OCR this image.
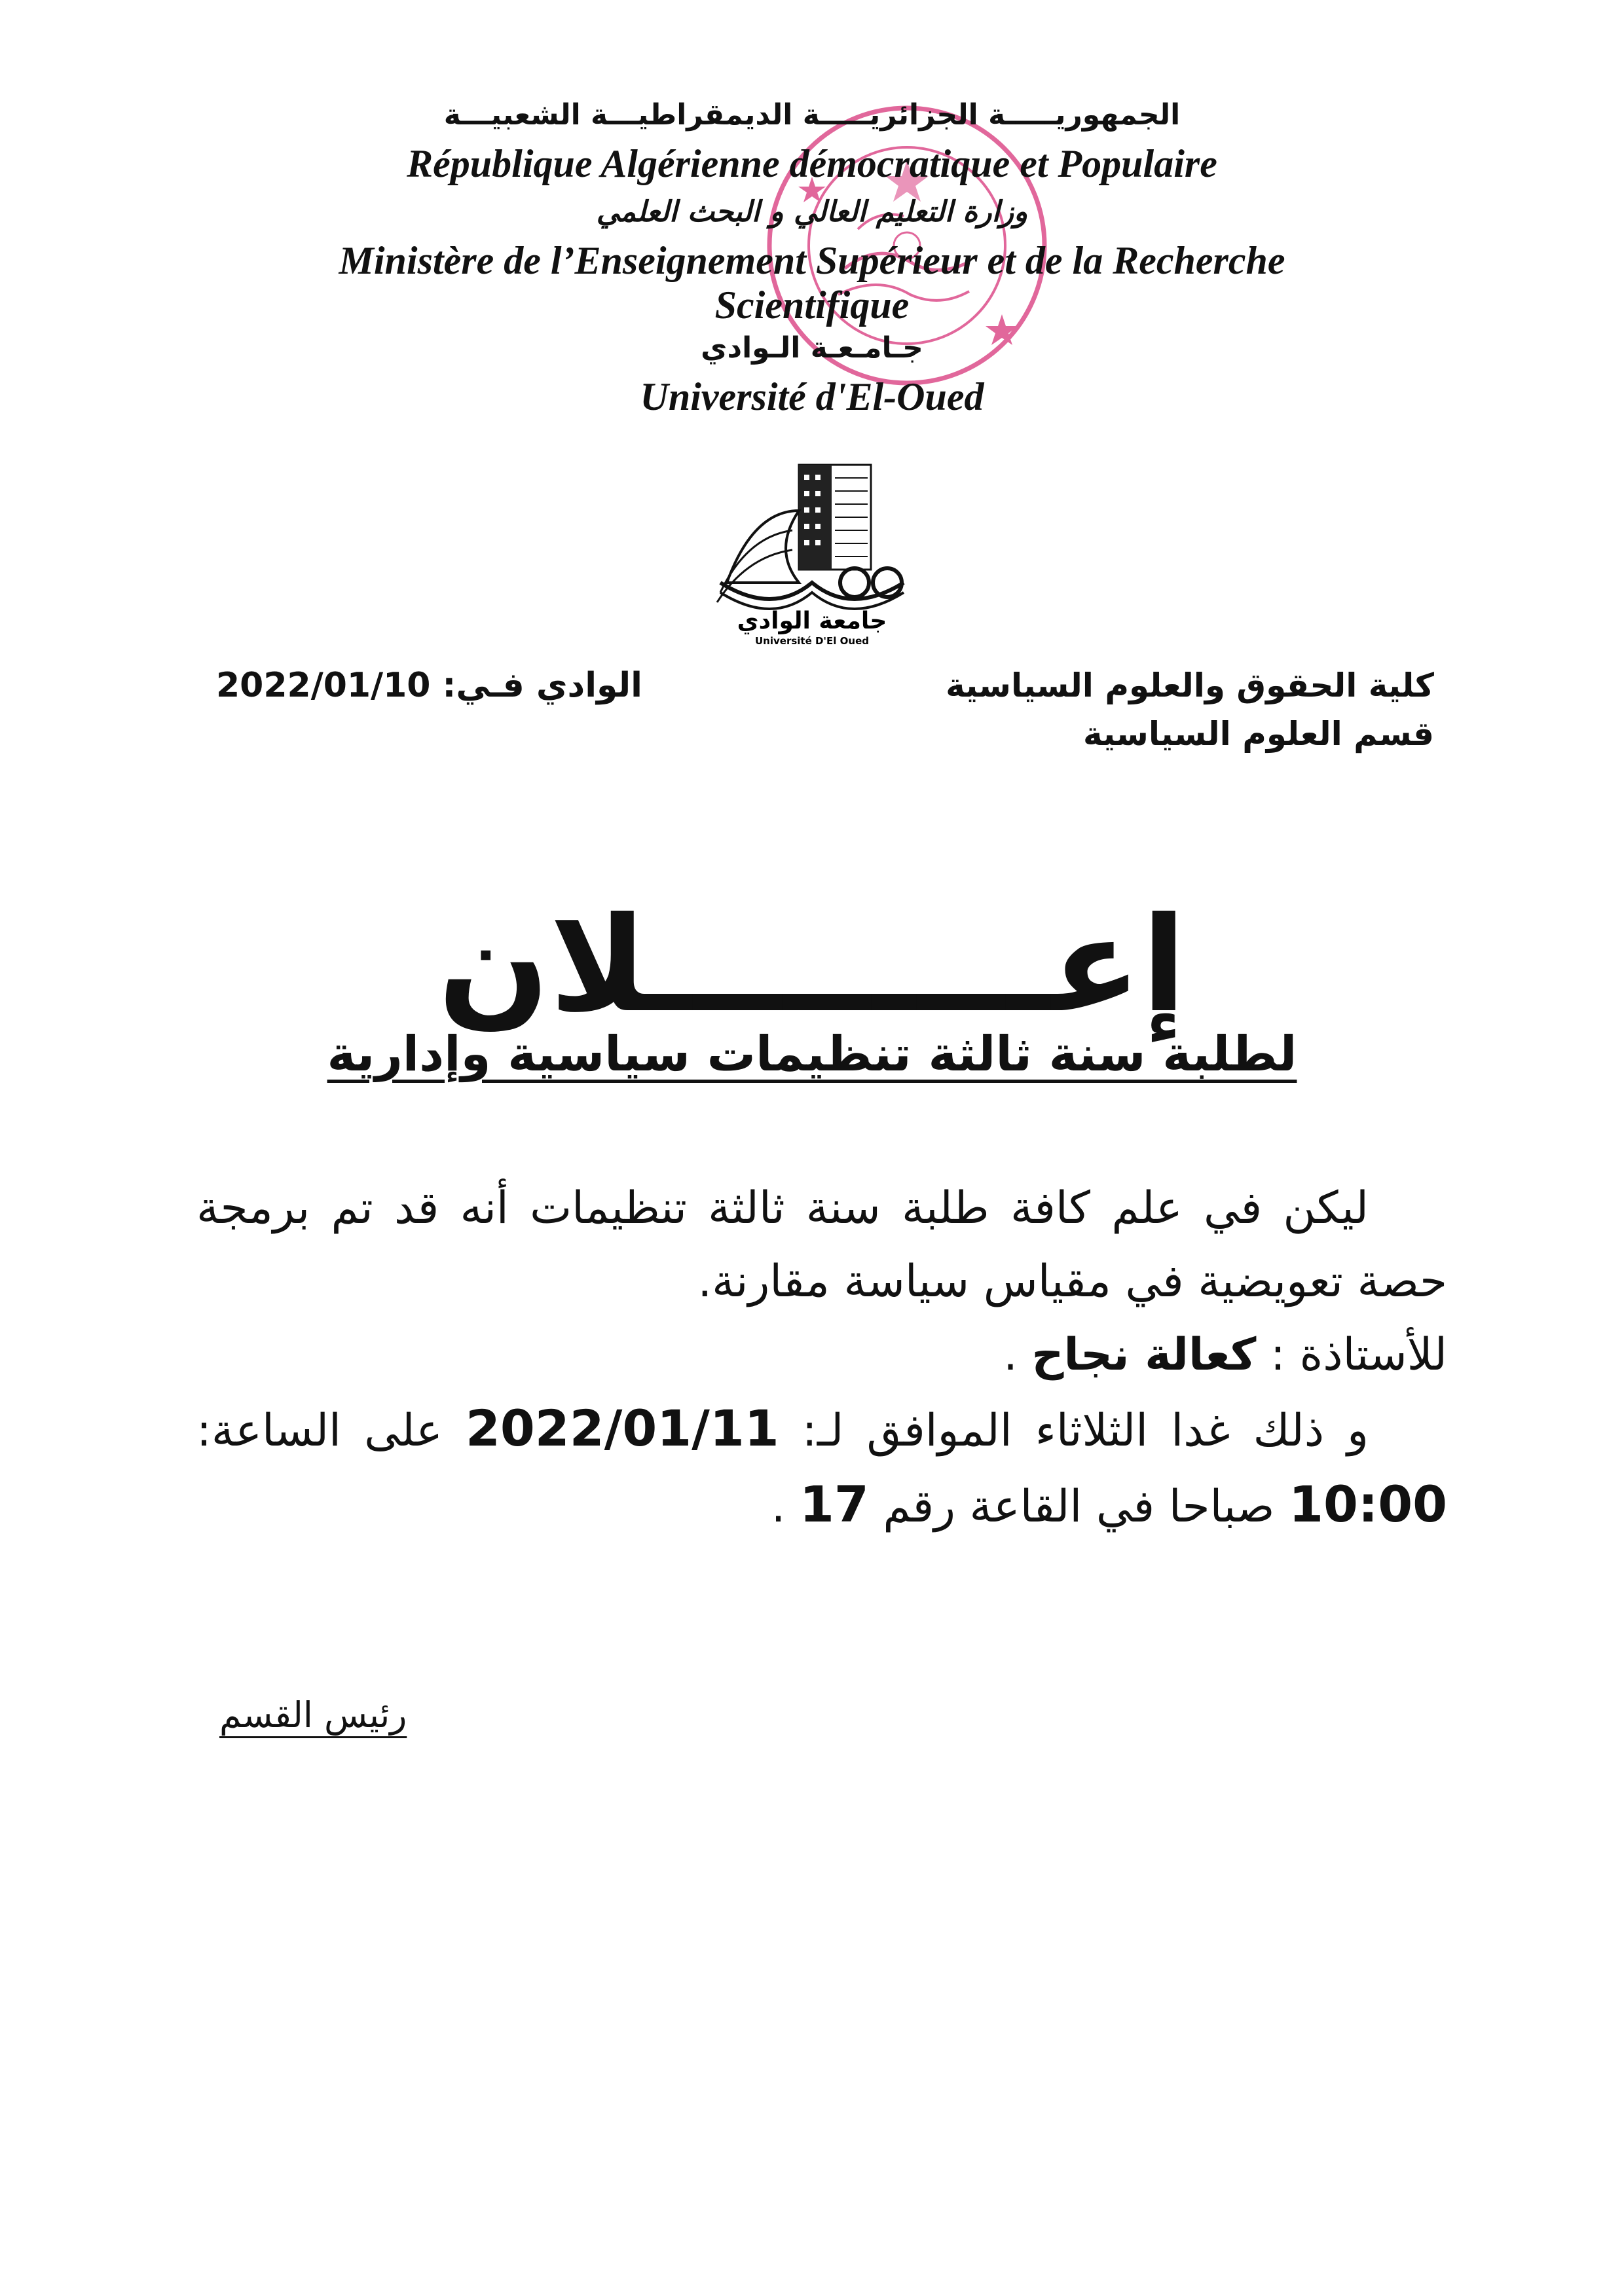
الجمهوريـــــة الجزائريـــــة الديمقراطيـــة الشعبيـــة
République Algérienne démocratique et Populaire
وزارة التعليم العالي و البحث العلمي
Ministère de l’Enseignement Supérieur et de la Recherche
Scientifique
جـامـعـة الـوادي
Université d'El-Oued
جامعة الوادي
Université D'El Oued
كلية الحقوق والعلوم السياسية
قسم العلوم السياسية
الوادي فـي: 2022/01/10
إعـــــــــلان
لطلبة سنة ثالثة تنظيمات سياسية وإدارية

ليكن في علم كافة طلبة سنة ثالثة تنظيمات أنه قد تم برمجة حصة تعويضية في مقياس سياسة مقارنة.

للأستاذة : كعالة نجاح .

و ذلك غدا الثلاثاء الموافق لـ: 2022/01/11 على الساعة: 10:00 صباحا في القاعة رقم 17 .

رئيس القسم
